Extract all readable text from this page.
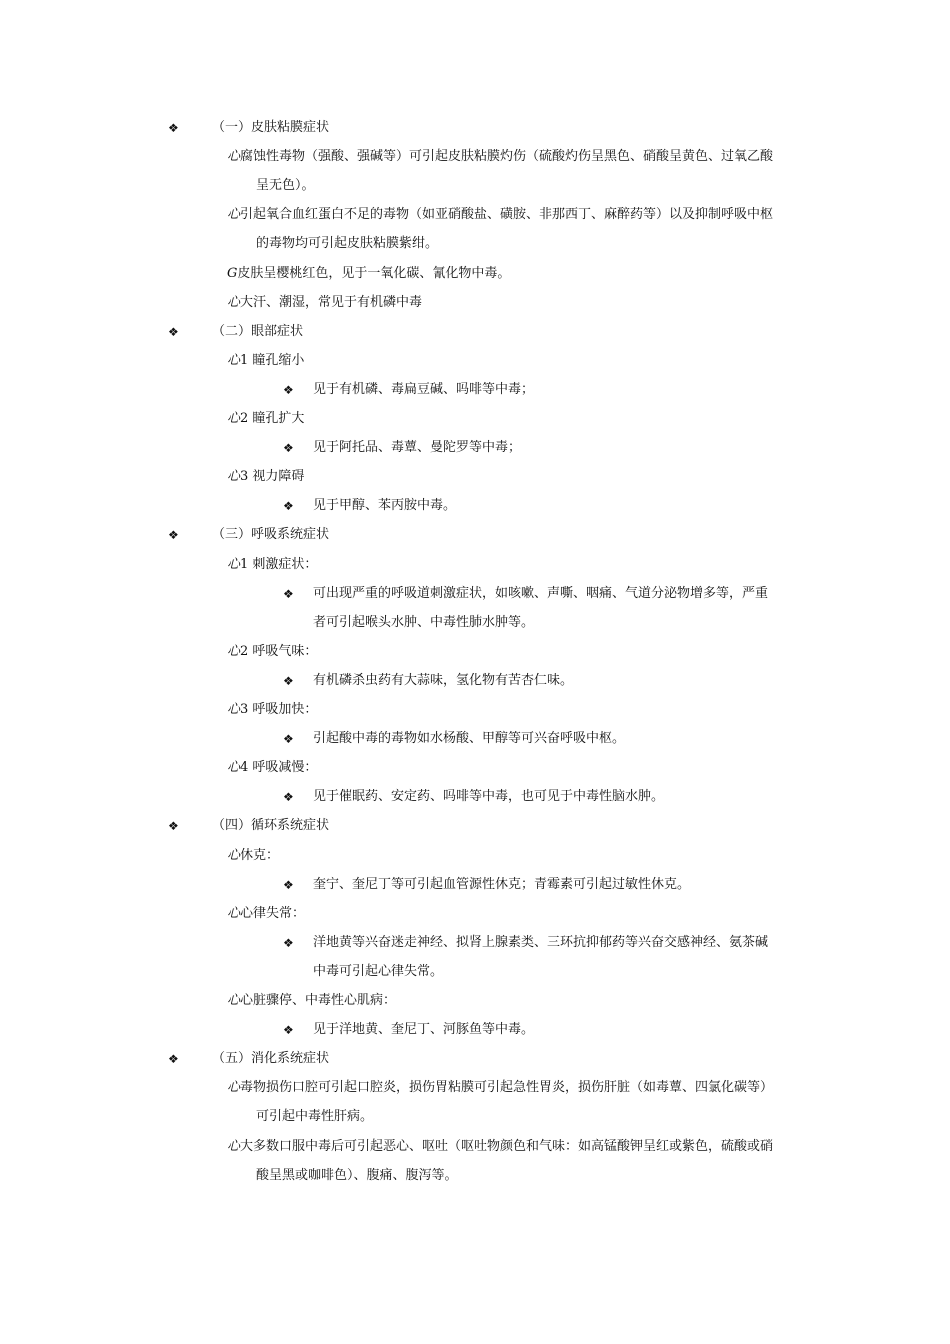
❖	（一）皮肤粘膜症状
心腐蚀性毒物（强酸、强碱等）可引起皮肤粘膜灼伤（硫酸灼伤呈黑色、硝酸呈黄色、过氧乙酸
呈无色）。
心引起氧合血红蛋白不足的毒物（如亚硝酸盐、磺胺、非那西丁、麻醉药等）以及抑制呼吸中枢
的毒物均可引起皮肤粘膜紫绀。
G皮肤呈樱桃红色，见于一氧化碳、氰化物中毒。
心大汗、潮湿，常见于有机磷中毒
❖	（二）眼部症状
心1 瞳孔缩小
❖ 见于有机磷、毒扁豆碱、吗啡等中毒；
心2 瞳孔扩大
❖ 见于阿托品、毒蕈、曼陀罗等中毒；
心3 视力障碍
❖ 见于甲醇、苯丙胺中毒。
❖	（三）呼吸系统症状
心1 刺激症状：
❖ 可出现严重的呼吸道刺激症状，如咳嗽、声嘶、咽痛、气道分泌物增多等，严重
者可引起喉头水肿、中毒性肺水肿等。
心2 呼吸气味：
❖ 有机磷杀虫药有大蒜味，氢化物有苦杏仁味。
心3 呼吸加快：
❖ 引起酸中毒的毒物如水杨酸、甲醇等可兴奋呼吸中枢。
心4 呼吸减慢：
❖ 见于催眠药、安定药、吗啡等中毒，也可见于中毒性脑水肿。
❖	（四）循环系统症状
心休克：
❖ 奎宁、奎尼丁等可引起血管源性休克；青霉素可引起过敏性休克。
心心律失常：
❖ 洋地黄等兴奋迷走神经、拟肾上腺素类、三环抗抑郁药等兴奋交感神经、氨茶碱
中毒可引起心律失常。
心心脏骤停、中毒性心肌病：
❖ 见于洋地黄、奎尼丁、河豚鱼等中毒。
❖	（五）消化系统症状
心毒物损伤口腔可引起口腔炎，损伤胃粘膜可引起急性胃炎，损伤肝脏（如毒蕈、四氯化碳等）
可引起中毒性肝病。
心大多数口服中毒后可引起恶心、呕吐（呕吐物颜色和气味：如高锰酸钾呈红或紫色，硫酸或硝
酸呈黑或咖啡色）、腹痛、腹泻等。
